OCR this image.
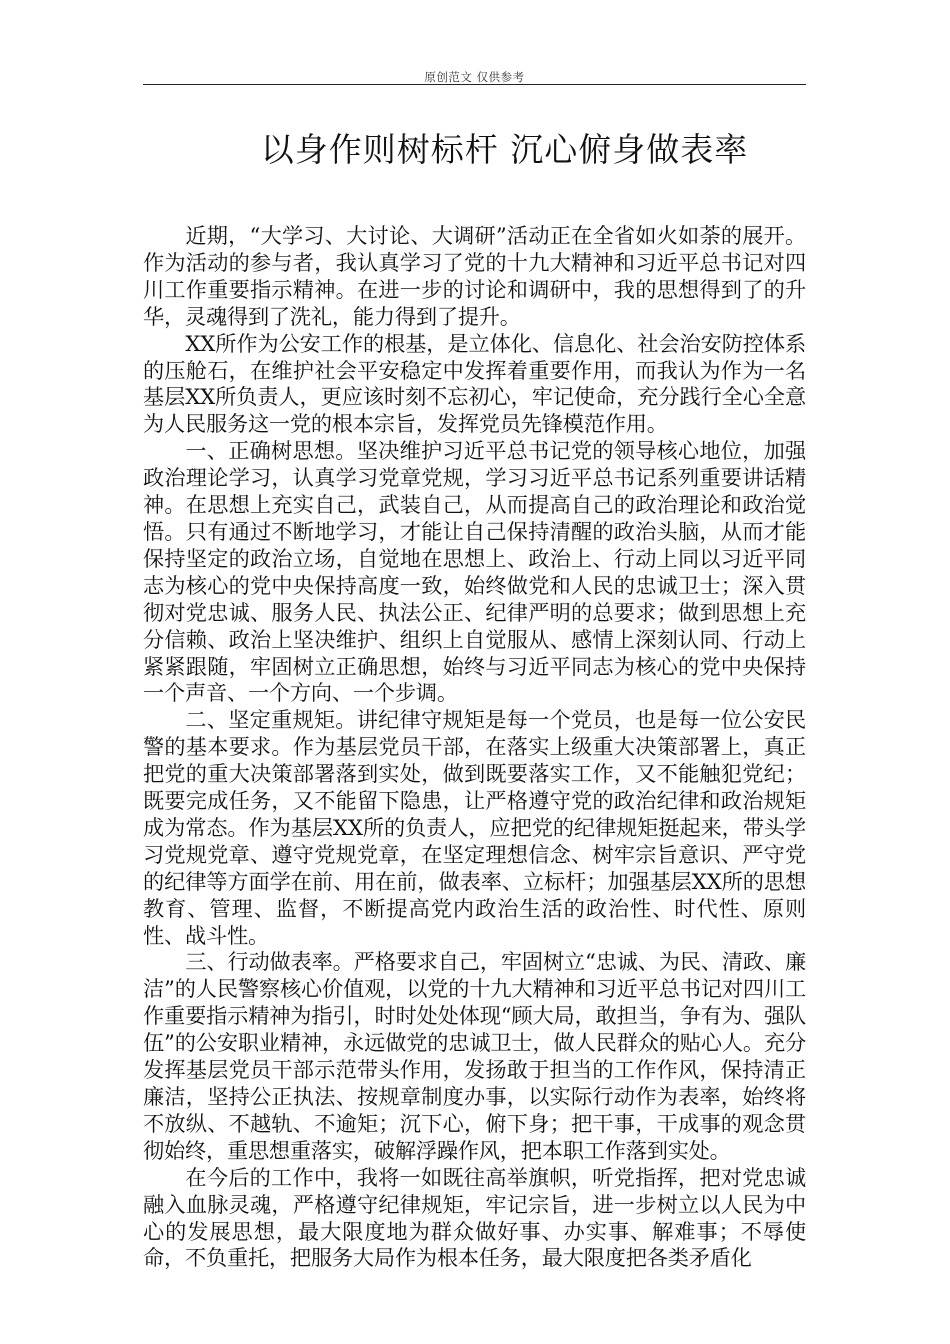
原创范文 仅供参考
以身作则树标杆 沉心俯身做表率

近期，“大学习、大讨论、大调研”活动正在全省如火如荼的展开。作为活动的参与者，我认真学习了党的十九大精神和习近平总书记对四川工作重要指示精神。在进一步的讨论和调研中，我的思想得到了的升华，灵魂得到了洗礼，能力得到了提升。

XX所作为公安工作的根基，是立体化、信息化、社会治安防控体系的压舱石，在维护社会平安稳定中发挥着重要作用，而我认为作为一名基层XX所负责人，更应该时刻不忘初心，牢记使命，充分践行全心全意为人民服务这一党的根本宗旨，发挥党员先锋模范作用。

一、正确树思想。坚决维护习近平总书记党的领导核心地位，加强政治理论学习，认真学习党章党规，学习习近平总书记系列重要讲话精神。在思想上充实自己，武装自己，从而提高自己的政治理论和政治觉悟。只有通过不断地学习，才能让自己保持清醒的政治头脑，从而才能保持坚定的政治立场，自觉地在思想上、政治上、行动上同以习近平同志为核心的党中央保持高度一致，始终做党和人民的忠诚卫士；深入贯彻对党忠诚、服务人民、执法公正、纪律严明的总要求；做到思想上充分信赖、政治上坚决维护、组织上自觉服从、感情上深刻认同、行动上紧紧跟随，牢固树立正确思想，始终与习近平同志为核心的党中央保持一个声音、一个方向、一个步调。

二、坚定重规矩。讲纪律守规矩是每一个党员，也是每一位公安民警的基本要求。作为基层党员干部，在落实上级重大决策部署上，真正把党的重大决策部署落到实处，做到既要落实工作，又不能触犯党纪；既要完成任务，又不能留下隐患，让严格遵守党的政治纪律和政治规矩成为常态。作为基层XX所的负责人，应把党的纪律规矩挺起来，带头学习党规党章、遵守党规党章，在坚定理想信念、树牢宗旨意识、严守党的纪律等方面学在前、用在前，做表率、立标杆；加强基层XX所的思想教育、管理、监督，不断提高党内政治生活的政治性、时代性、原则性、战斗性。

三、行动做表率。严格要求自己，牢固树立“忠诚、为民、清政、廉洁”的人民警察核心价值观，以党的十九大精神和习近平总书记对四川工作重要指示精神为指引，时时处处体现“顾大局，敢担当，争有为、强队伍”的公安职业精神，永远做党的忠诚卫士，做人民群众的贴心人。充分发挥基层党员干部示范带头作用，发扬敢于担当的工作作风，保持清正廉洁，坚持公正执法、按规章制度办事，以实际行动作为表率，始终将不放纵、不越轨、不逾矩；沉下心，俯下身；把干事，干成事的观念贯彻始终，重思想重落实，破解浮躁作风，把本职工作落到实处。

在今后的工作中，我将一如既往高举旗帜，听党指挥，把对党忠诚融入血脉灵魂，严格遵守纪律规矩，牢记宗旨，进一步树立以人民为中心的发展思想，最大限度地为群众做好事、办实事、解难事；不辱使命，不负重托，把服务大局作为根本任务，最大限度把各类矛盾化
